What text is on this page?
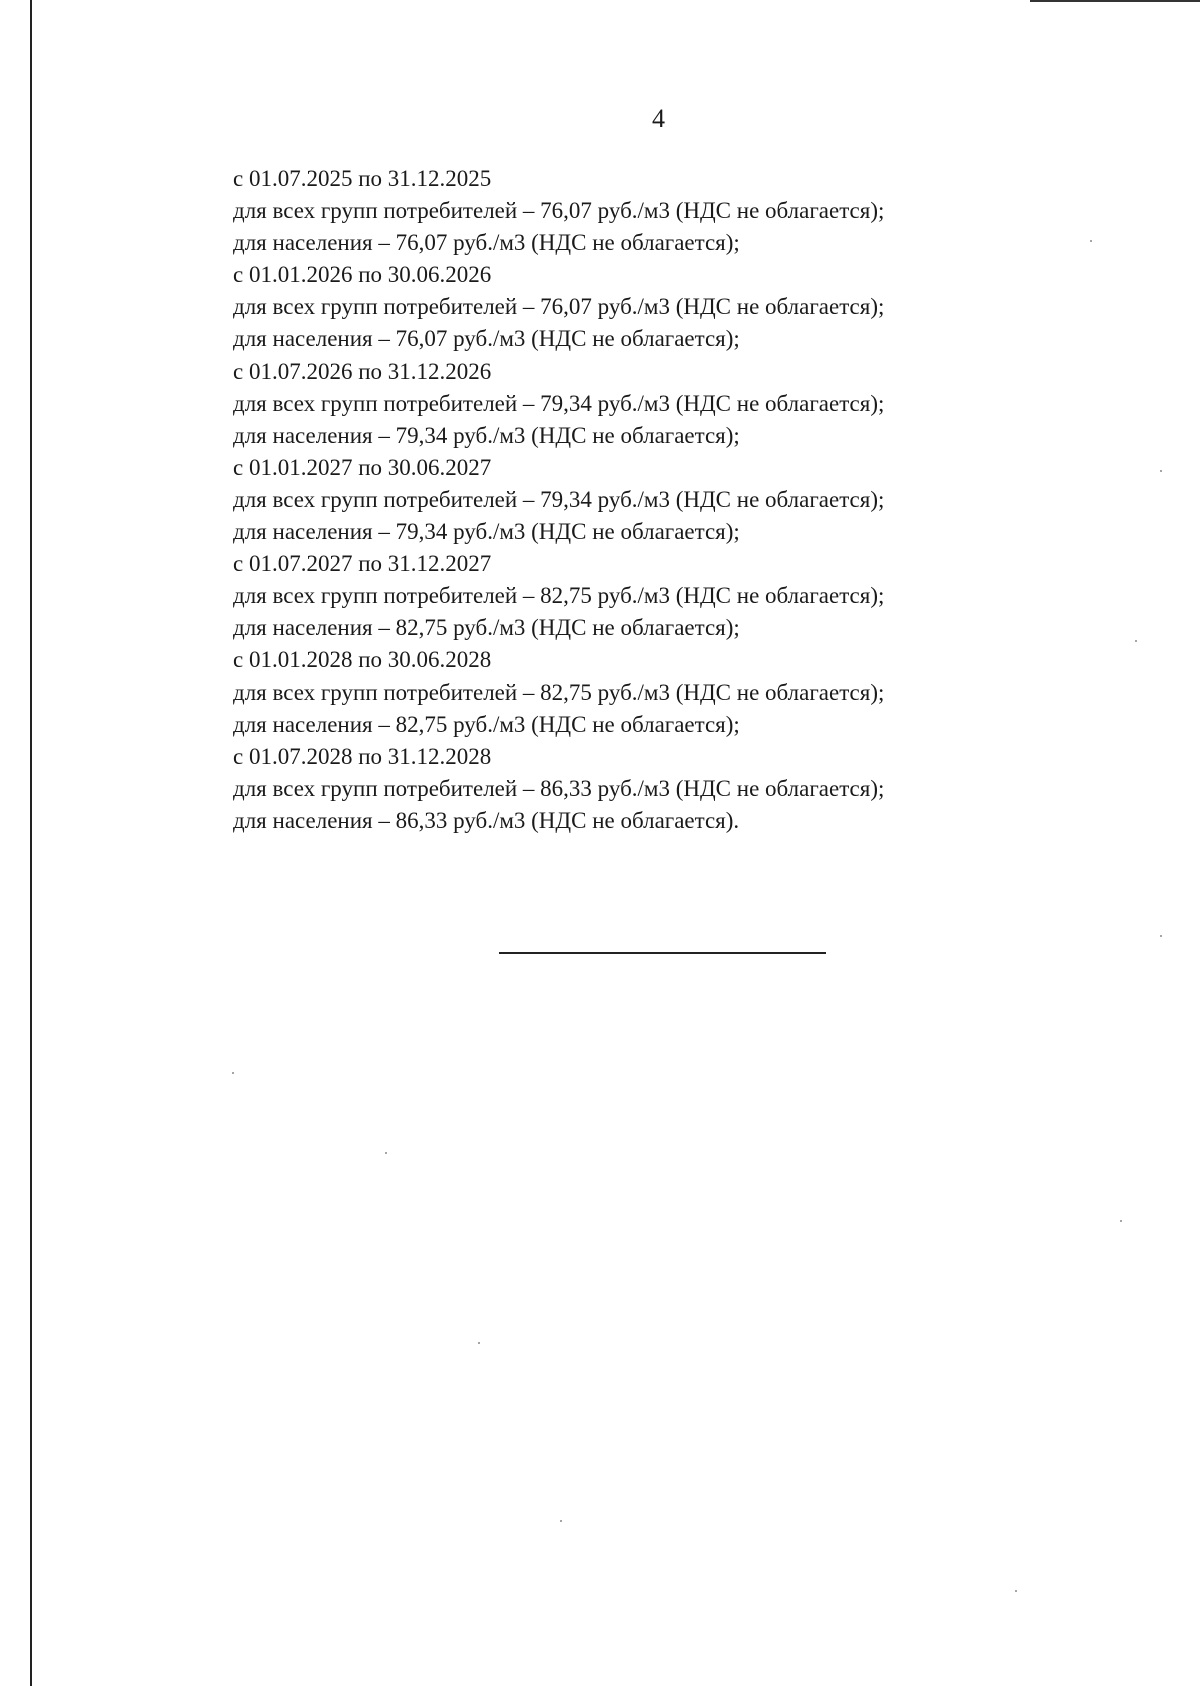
4
с 01.07.2025 по 31.12.2025
для всех групп потребителей – 76,07 руб./м3 (НДС не облагается);
для населения – 76,07 руб./м3 (НДС не облагается);
с 01.01.2026 по 30.06.2026
для всех групп потребителей – 76,07 руб./м3 (НДС не облагается);
для населения – 76,07 руб./м3 (НДС не облагается);
с 01.07.2026 по 31.12.2026
для всех групп потребителей – 79,34 руб./м3 (НДС не облагается);
для населения – 79,34 руб./м3 (НДС не облагается);
с 01.01.2027 по 30.06.2027
для всех групп потребителей – 79,34 руб./м3 (НДС не облагается);
для населения – 79,34 руб./м3 (НДС не облагается);
с 01.07.2027 по 31.12.2027
для всех групп потребителей – 82,75 руб./м3 (НДС не облагается);
для населения – 82,75 руб./м3 (НДС не облагается);
с 01.01.2028 по 30.06.2028
для всех групп потребителей – 82,75 руб./м3 (НДС не облагается);
для населения – 82,75 руб./м3 (НДС не облагается);
с 01.07.2028 по 31.12.2028
для всех групп потребителей – 86,33 руб./м3 (НДС не облагается);
для населения – 86,33 руб./м3 (НДС не облагается).
